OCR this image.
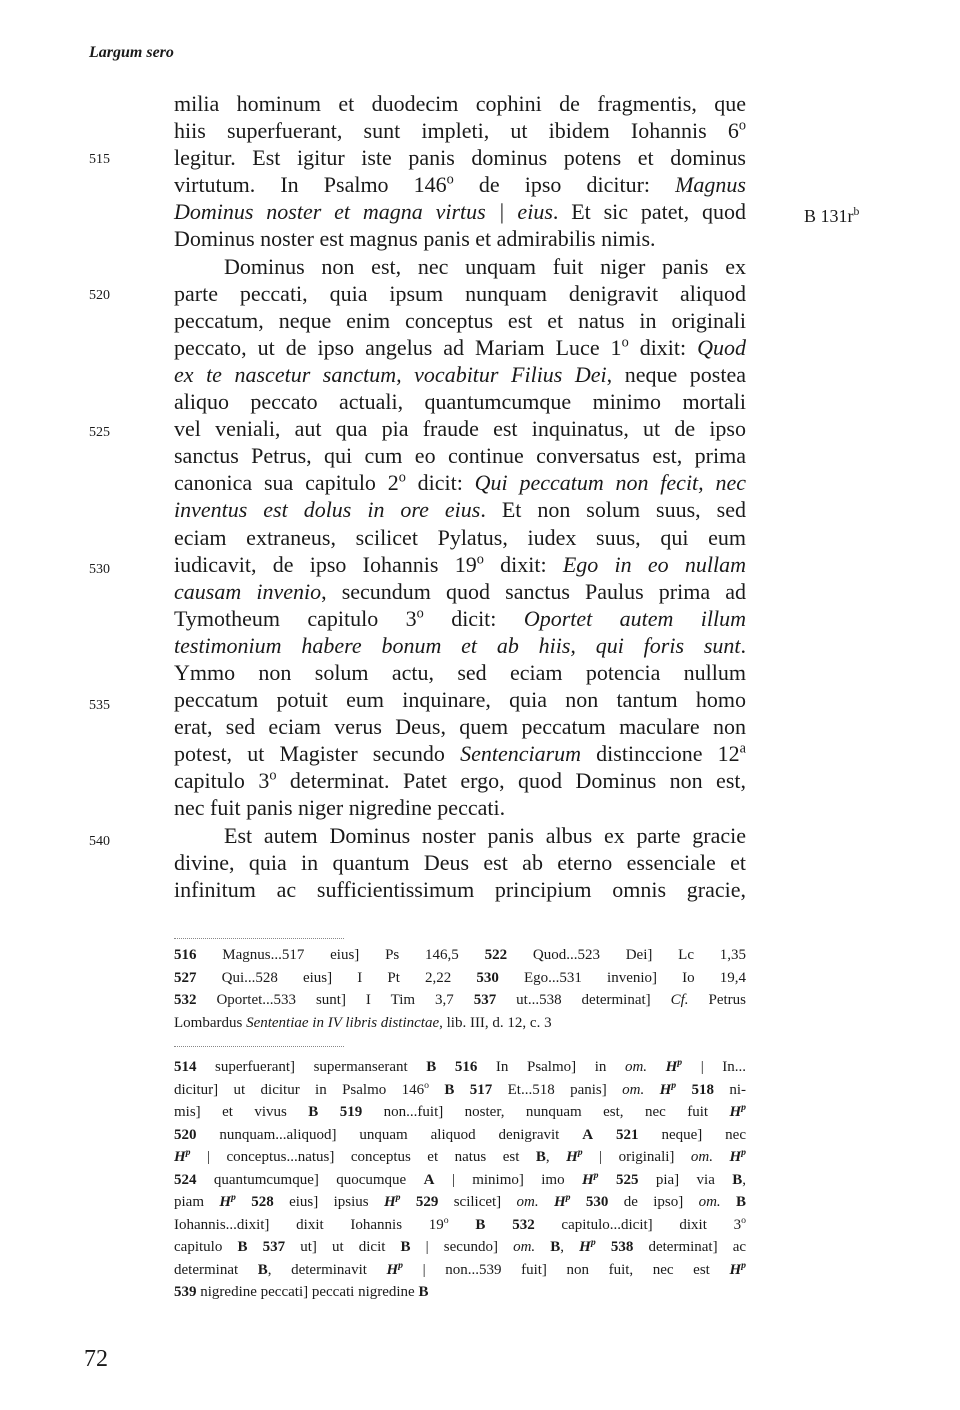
Largum sero
515
520
525
530
535
540
B $131r^b$
milia hominum et duodecim cophini de fragmentis, que
hiis superfuerant, sunt impleti, ut ibidem Iohannis 6$^o$
legitur. Est igitur iste panis dominus potens et dominus
virtutum. In Psalmo 146$^o$ de ipso dicitur: Magnus
Dominus noster et magna virtus | eius. Et sic patet, quod
Dominus noster est magnus panis et admirabilis nimis.
Dominus non est, nec unquam fuit niger panis ex
parte peccati, quia ipsum nunquam denigravit aliquod
peccatum, neque enim conceptus est et natus in originali
peccato, ut de ipso angelus ad Mariam Luce 1$^o$ dixit: Quod
ex te nascetur sanctum, vocabitur Filius Dei, neque postea
aliquo peccato actuali, quantumcumque minimo mortali
vel veniali, aut qua pia fraude est inquinatus, ut de ipso
sanctus Petrus, qui cum eo continue conversatus est, prima
canonica sua capitulo 2$^o$ dicit: Qui peccatum non fecit, nec
inventus est dolus in ore eius. Et non solum suus, sed
eciam extraneus, scilicet Pylatus, iudex suus, qui eum
iudicavit, de ipso Iohannis 19$^o$ dixit: Ego in eo nullam
causam invenio, secundum quod sanctus Paulus prima ad
Tymotheum capitulo 3$^o$ dicit: Oportet autem illum
testimonium habere bonum et ab hiis, qui foris sunt.
Ymmo non solum actu, sed eciam potencia nullum
peccatum potuit eum inquinare, quia non tantum homo
erat, sed eciam verus Deus, quem peccatum maculare non
potest, ut Magister secundo Sentenciarum distinccione 12$^a$
capitulo 3$^o$ determinat. Patet ergo, quod Dominus non est,
nec fuit panis niger nigredine peccati.
Est autem Dominus noster panis albus ex parte gracie
divine, quia in quantum Deus est ab eterno essenciale et
infinitum ac sufficientissimum principium omnis gracie,
516 Magnus...517 eius] Ps 146,5 522 Quod...523 Dei] Lc 1,35
527 Qui...528 eius] I Pt 2,22 530 Ego...531 invenio] Io 19,4
532 Oportet...533 sunt] I Tim 3,7 537 ut...538 determinat] Cf. Petrus
Lombardus Sententiae in IV libris distinctae, lib. III, d. 12, c. 3
514 superfuerant] supermanserant B 516 In Psalmo] in om. $H^p$ | In...
dicitur] ut dicitur in Psalmo 146$^o$ B 517 Et...518 panis] om. $H^p$ 518 ni-
mis] et vivus B 519 non...fuit] noster, nunquam est, nec fuit $H^p$
520 nunquam...aliquod] unquam aliquod denigravit A 521 neque] nec
$H^p$ | conceptus...natus] conceptus et natus est B, $H^p$ | originali] om. $H^p$
524 quantumcumque] quocumque A | minimo] imo $H^p$ 525 pia] via B,
piam $H^p$ 528 eius] ipsius $H^p$ 529 scilicet] om. $H^p$ 530 de ipso] om. B
Iohannis...dixit] dixit Iohannis 19$^o$ B 532 capitulo...dicit] dixit 3$^o$
capitulo B 537 ut] ut dicit B | secundo] om. B, $H^p$ 538 determinat] ac
determinat B, determinavit $H^p$ | non...539 fuit] non fuit, nec est $H^p$
539 nigredine peccati] peccati nigredine B
72
